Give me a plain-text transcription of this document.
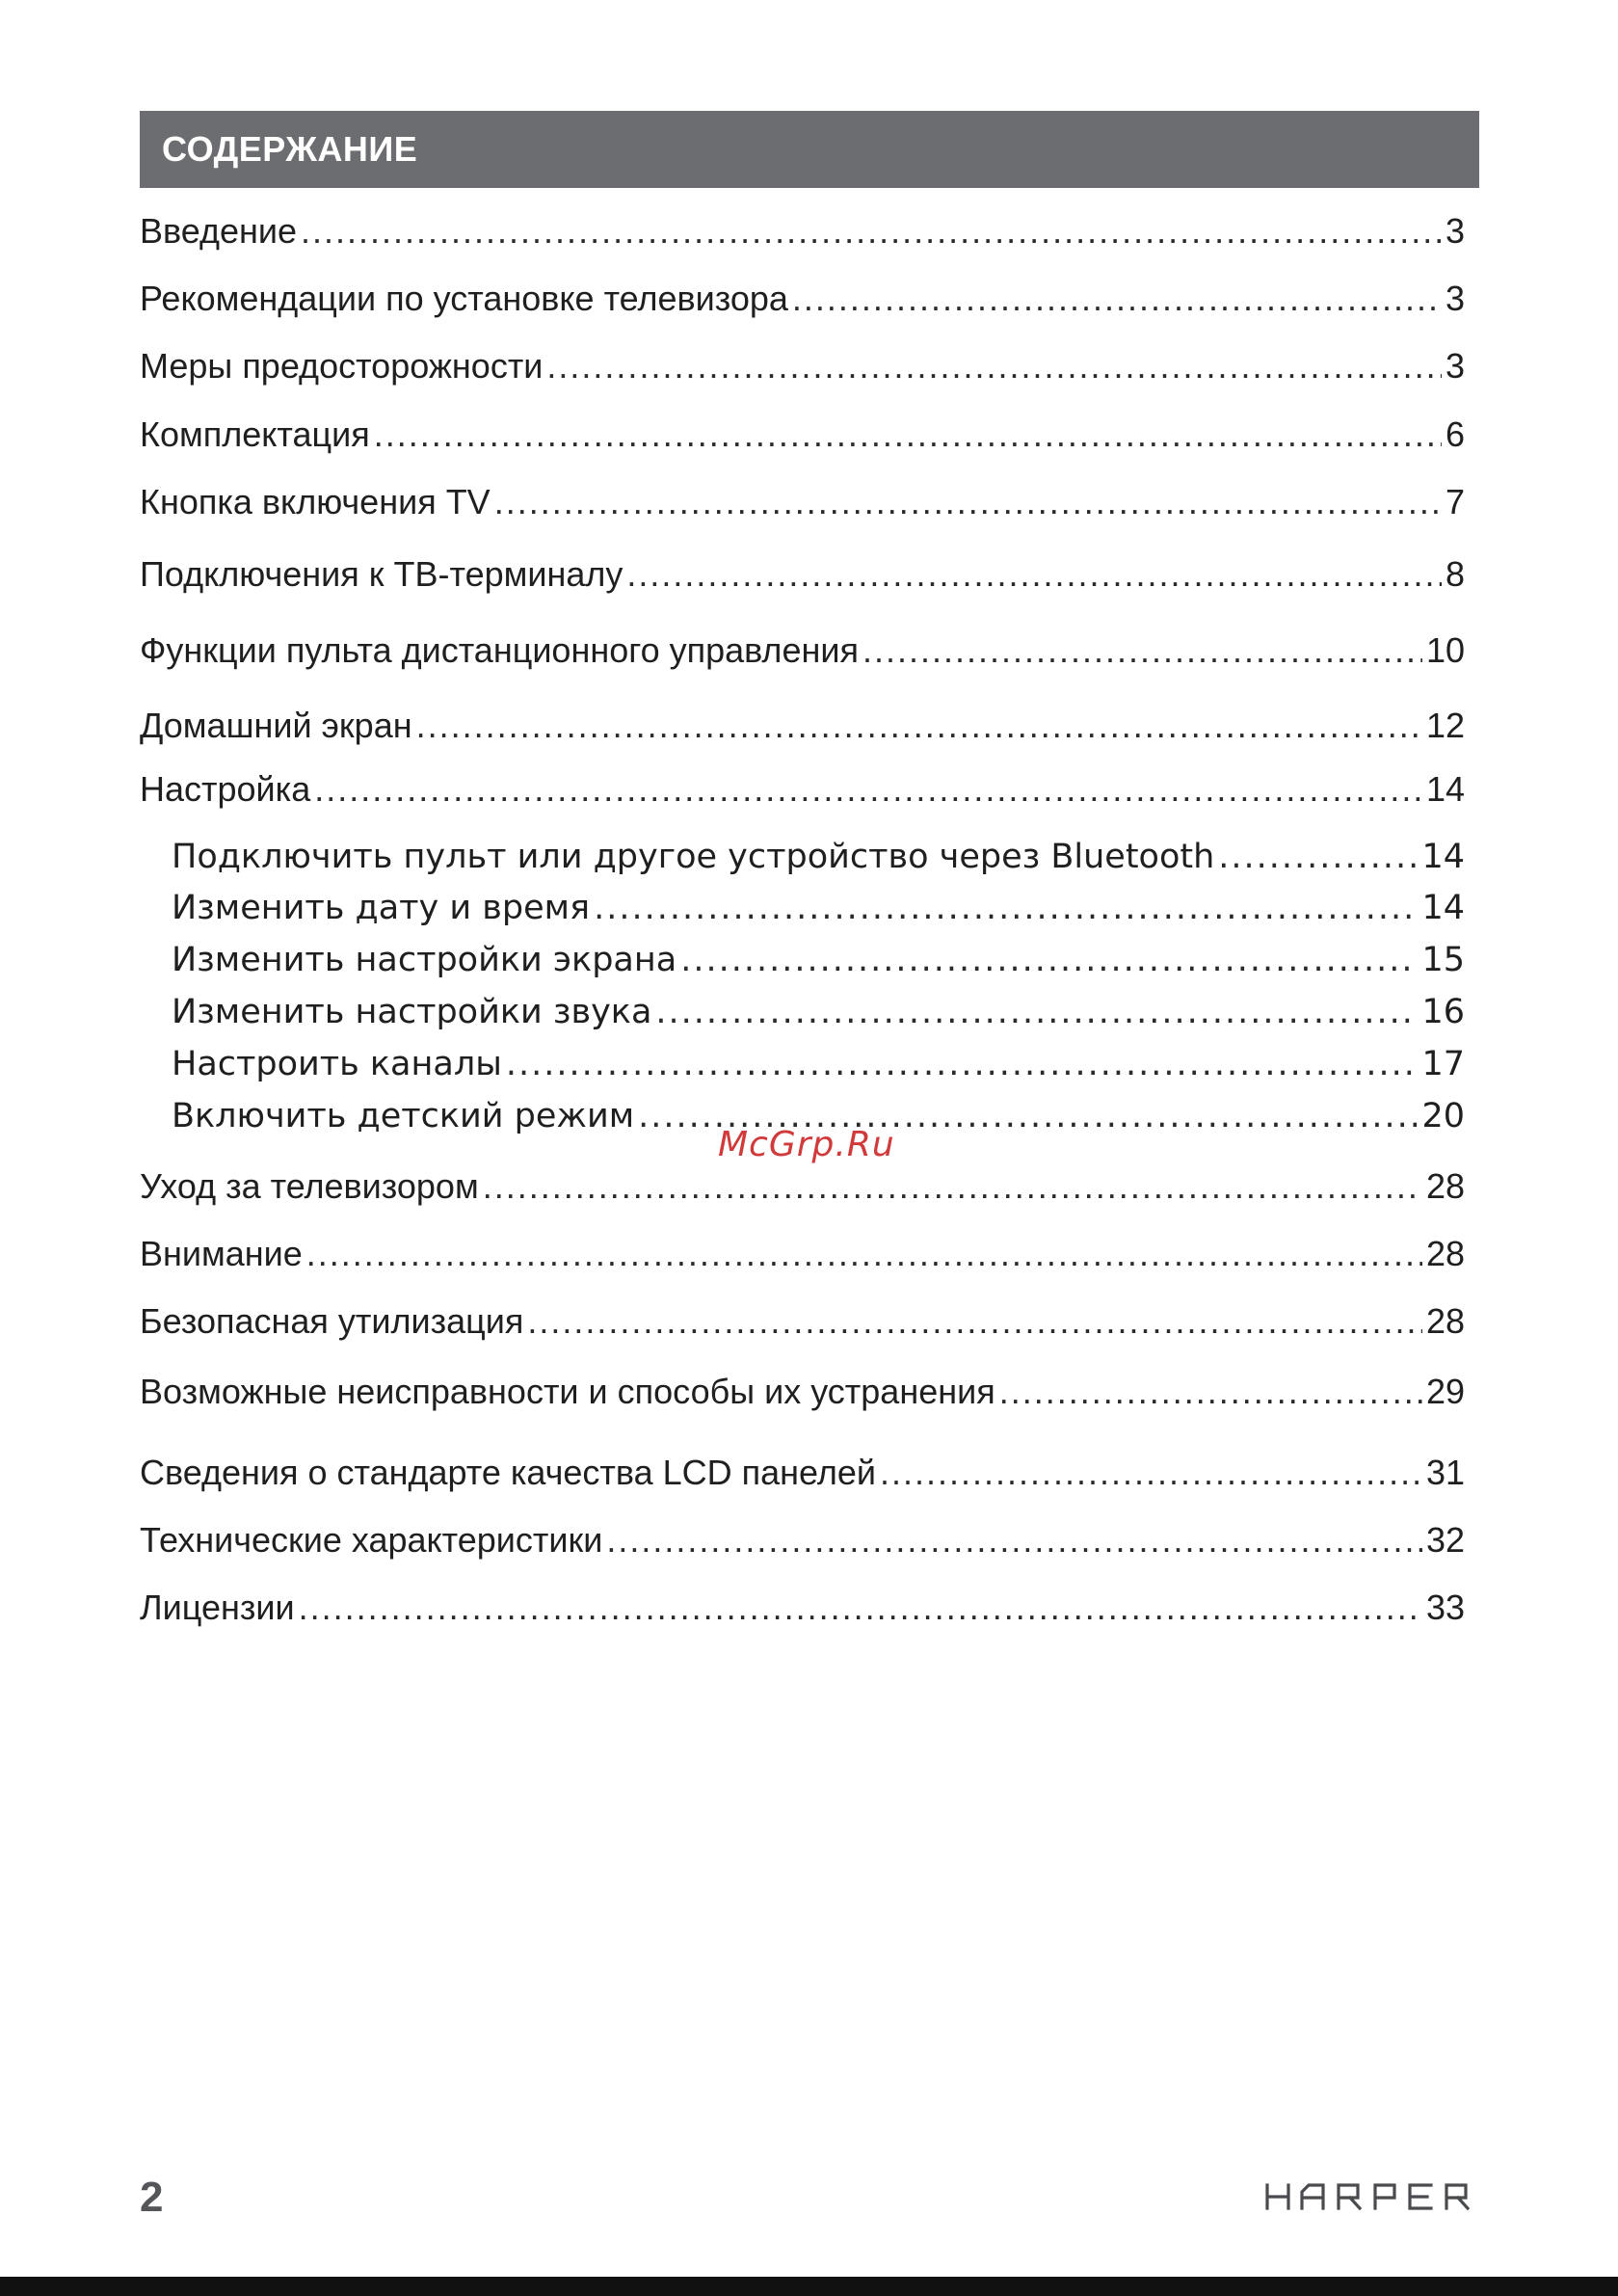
СОДЕРЖАНИЕ
Введение .....	3
Рекомендации по установке телевизора .....	3
Меры предосторожности .....	3
Комплектация .....	6
Кнопка включения TV .....	7
Подключения к ТВ-терминалу .....	8
Функции пульта дистанционного управления .....	10
Домашний экран .....	12
Настройка .....	14
Подключить пульт или другое устройство через Bluetooth .....	14
Изменить дату и время .....	14
Изменить настройки экрана .....	15
Изменить настройки звука .....	16
Настроить каналы .....	17
Включить детский режим .....	20
Уход за телевизором .....	28
Внимание .....	28
Безопасная утилизация .....	28
Возможные неисправности и способы их устранения .....	29
Сведения о стандарте качества LCD панелей .....	31
Технические характеристики .....	32
Лицензии .....	33
McGrp.Ru
2
